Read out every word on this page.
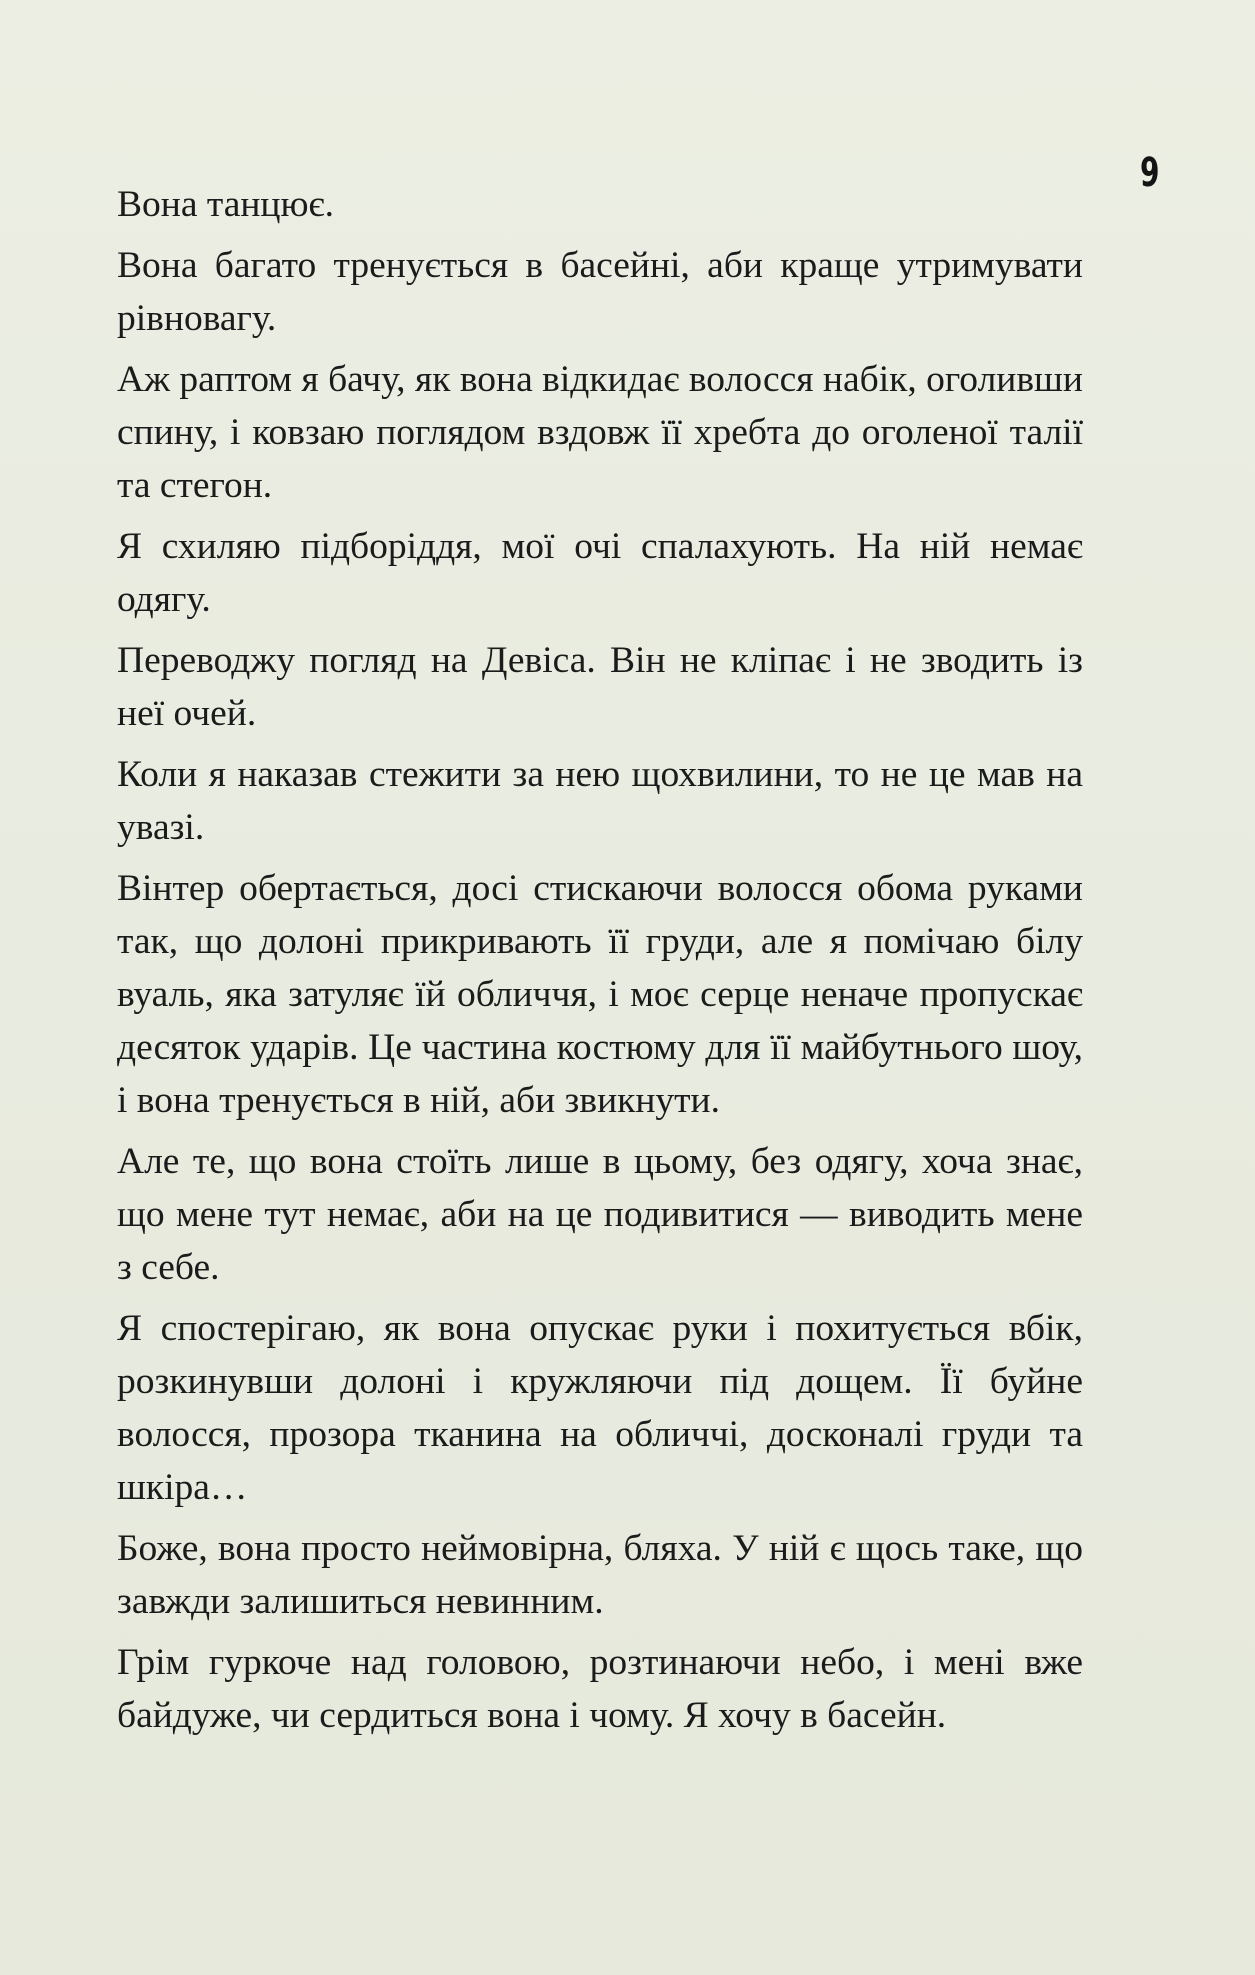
9

Вона танцює.

Вона багато тренується в басейні, аби краще утримувати рівновагу.

Аж раптом я бачу, як вона відкидає волосся набік, оголивши спину, і ковзаю поглядом вздовж її хребта до оголеної талії та стегон.

Я схиляю підборіддя, мої очі спалахують. На ній немає одягу.

Переводжу погляд на Девіса. Він не кліпає і не зводить із неї очей.

Коли я наказав стежити за нею щохвилини, то не це мав на увазі.

Вінтер обертається, досі стискаючи волосся обома руками так, що долоні прикривають її груди, але я помічаю білу вуаль, яка затуляє їй обличчя, і моє серце неначе пропускає десяток ударів. Це частина костюму для її майбутнього шоу, і вона тренується в ній, аби звикнути.

Але те, що вона стоїть лише в цьому, без одягу, хоча знає, що мене тут немає, аби на це подивитися — виводить мене з себе.

Я спостерігаю, як вона опускає руки і похитується вбік, розкинувши долоні і кружляючи під дощем. Її буйне волосся, прозора тканина на обличчі, досконалі груди та шкіра…

Боже, вона просто неймовірна, бляха. У ній є щось таке, що завжди залишиться невинним.

Грім гуркоче над головою, розтинаючи небо, і мені вже байдуже, чи сердиться вона і чому. Я хочу в басейн.
